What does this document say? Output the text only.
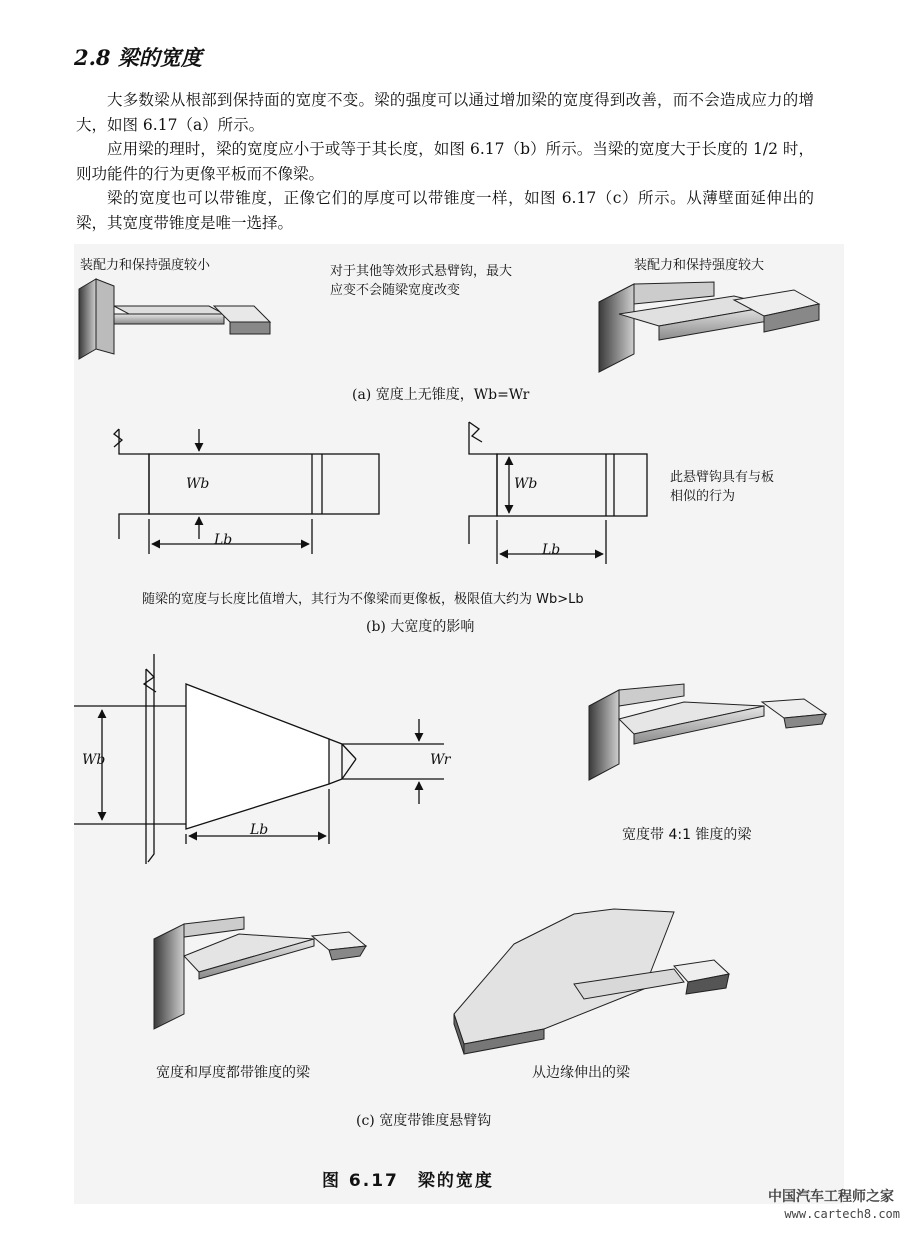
2.8 梁的宽度
大多数梁从根部到保持面的宽度不变。梁的强度可以通过增加梁的宽度得到改善，而不会造成应力的增大，如图 6.17（a）所示。
应用梁的理时，梁的宽度应小于或等于其长度，如图 6.17（b）所示。当梁的宽度大于长度的 1/2 时，则功能件的行为更像平板而不像梁。
梁的宽度也可以带锥度，正像它们的厚度可以带锥度一样，如图 6.17（c）所示。从薄壁面延伸出的梁，其宽度带锥度是唯一选择。
装配力和保持强度较小	装配力和保持强度较大
对于其他等效形式悬臂钩，最大应变不会随梁宽度改变
(a) 宽度上无锥度，Wb=Wr
Wb
Lb
Wb
Lb
此悬臂钩具有与板相似的行为
随梁的宽度与长度比值增大，其行为不像梁而更像板，极限值大约为 Wb>Lb
(b) 大宽度的影响
Wb	Wr
Lb	宽度带 4:1 锥度的梁
宽度和厚度都带锥度的梁	从边缘伸出的梁
(c) 宽度带锥度悬臂钩
图 6.17　梁的宽度
中国汽车工程师之家
www.cartech8.com
